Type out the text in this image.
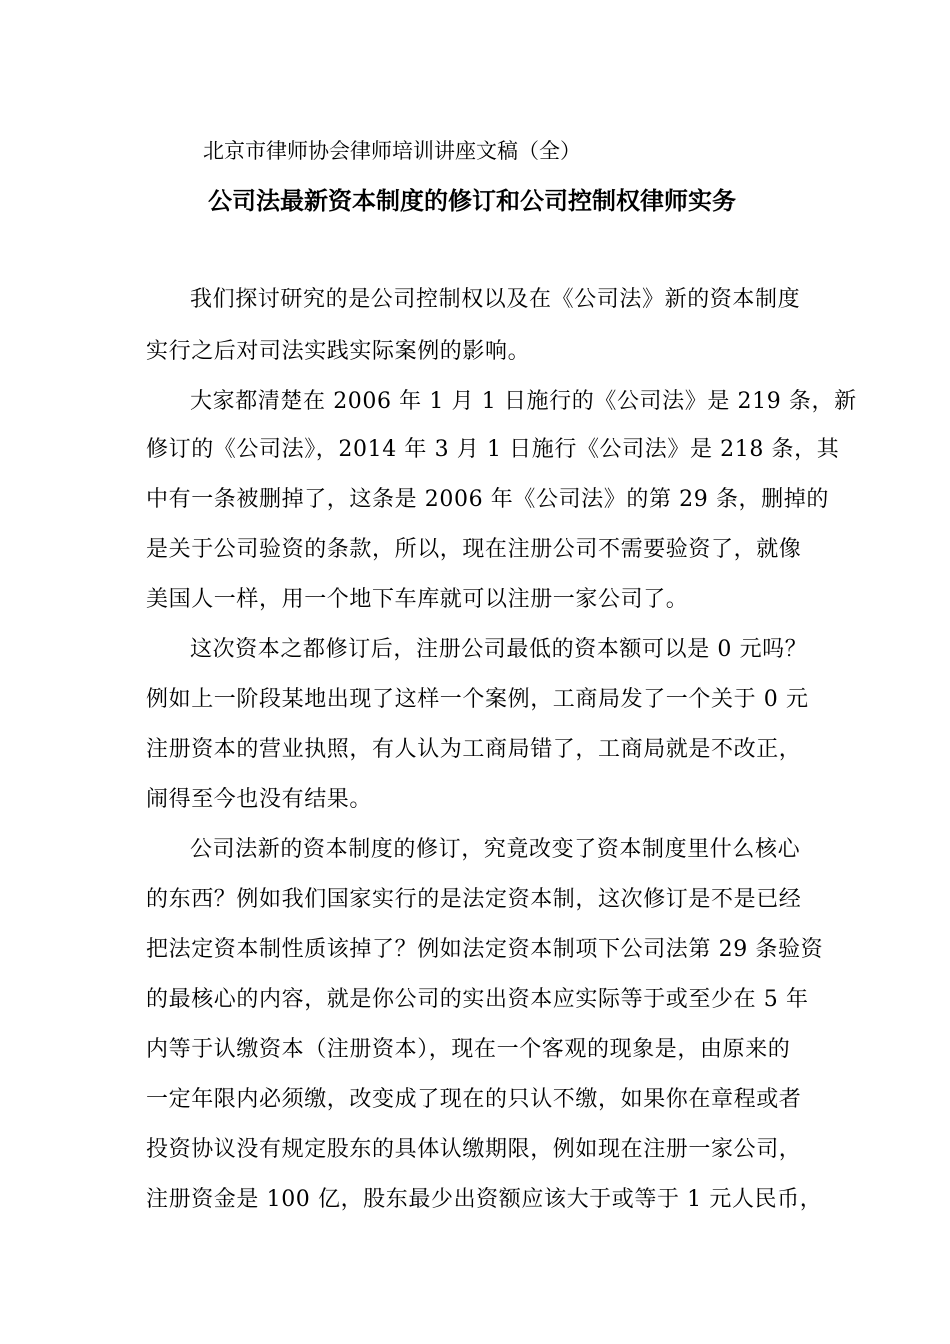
北京市律师协会律师培训讲座文稿（全）
公司法最新资本制度的修订和公司控制权律师实务

我们探讨研究的是公司控制权以及在《公司法》新的资本制度

实行之后对司法实践实际案例的影响。

大家都清楚在 2006 年 1 月 1 日施行的《公司法》是 219 条，新

修订的《公司法》，2014 年 3 月 1 日施行《公司法》是 218 条，其

中有一条被删掉了，这条是 2006 年《公司法》的第 29 条，删掉的

是关于公司验资的条款，所以，现在注册公司不需要验资了，就像

美国人一样，用一个地下车库就可以注册一家公司了。

这次资本之都修订后，注册公司最低的资本额可以是 0 元吗？

例如上一阶段某地出现了这样一个案例，工商局发了一个关于 0 元

注册资本的营业执照，有人认为工商局错了，工商局就是不改正，

闹得至今也没有结果。

公司法新的资本制度的修订，究竟改变了资本制度里什么核心

的东西？例如我们国家实行的是法定资本制，这次修订是不是已经

把法定资本制性质该掉了？例如法定资本制项下公司法第 29 条验资

的最核心的内容，就是你公司的实出资本应实际等于或至少在 5 年

内等于认缴资本（注册资本），现在一个客观的现象是，由原来的

一定年限内必须缴，改变成了现在的只认不缴，如果你在章程或者

投资协议没有规定股东的具体认缴期限，例如现在注册一家公司，

注册资金是 100 亿，股东最少出资额应该大于或等于 1 元人民币，
